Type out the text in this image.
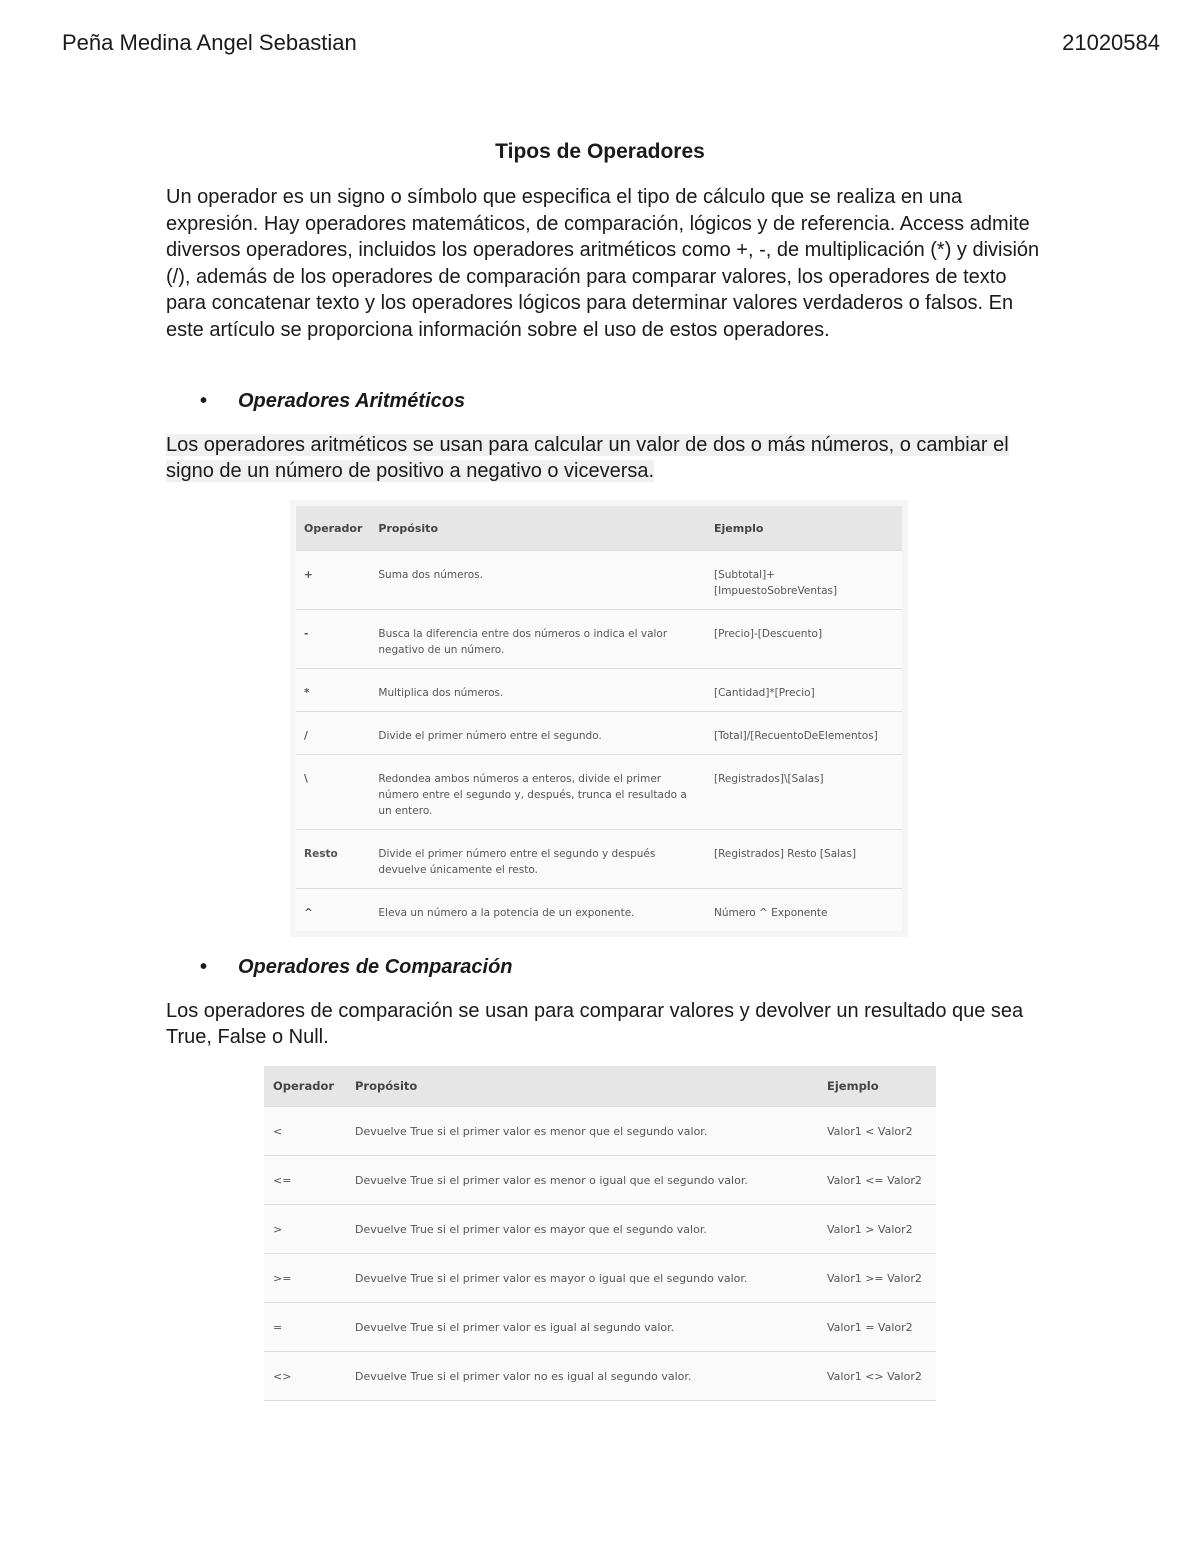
Peña Medina Angel Sebastian	21020584
Tipos de Operadores
Un operador es un signo o símbolo que especifica el tipo de cálculo que se realiza en una expresión. Hay operadores matemáticos, de comparación, lógicos y de referencia. Access admite diversos operadores, incluidos los operadores aritméticos como +, -, de multiplicación (*) y división (/), además de los operadores de comparación para comparar valores, los operadores de texto para concatenar texto y los operadores lógicos para determinar valores verdaderos o falsos. En este artículo se proporciona información sobre el uso de estos operadores.
• Operadores Aritméticos
Los operadores aritméticos se usan para calcular un valor de dos o más números, o cambiar el signo de un número de positivo a negativo o viceversa.
Operador	Propósito	Ejemplo
+	Suma dos números.	[Subtotal]+[ImpuestoSobreVentas]
-	Busca la diferencia entre dos números o indica el valor negativo de un número.	[Precio]-[Descuento]
*	Multiplica dos números.	[Cantidad]*[Precio]
/	Divide el primer número entre el segundo.	[Total]/[RecuentoDeElementos]
\	Redondea ambos números a enteros, divide el primer número entre el segundo y, después, trunca el resultado a un entero.	[Registrados]\[Salas]
Resto	Divide el primer número entre el segundo y después devuelve únicamente el resto.	[Registrados] Resto [Salas]
^	Eleva un número a la potencia de un exponente.	Número ^ Exponente
• Operadores de Comparación
Los operadores de comparación se usan para comparar valores y devolver un resultado que sea True, False o Null.
Operador	Propósito	Ejemplo
<	Devuelve True si el primer valor es menor que el segundo valor.	Valor1 < Valor2
<=	Devuelve True si el primer valor es menor o igual que el segundo valor.	Valor1 <= Valor2
>	Devuelve True si el primer valor es mayor que el segundo valor.	Valor1 > Valor2
>=	Devuelve True si el primer valor es mayor o igual que el segundo valor.	Valor1 >= Valor2
=	Devuelve True si el primer valor es igual al segundo valor.	Valor1 = Valor2
<>	Devuelve True si el primer valor no es igual al segundo valor.	Valor1 <> Valor2
